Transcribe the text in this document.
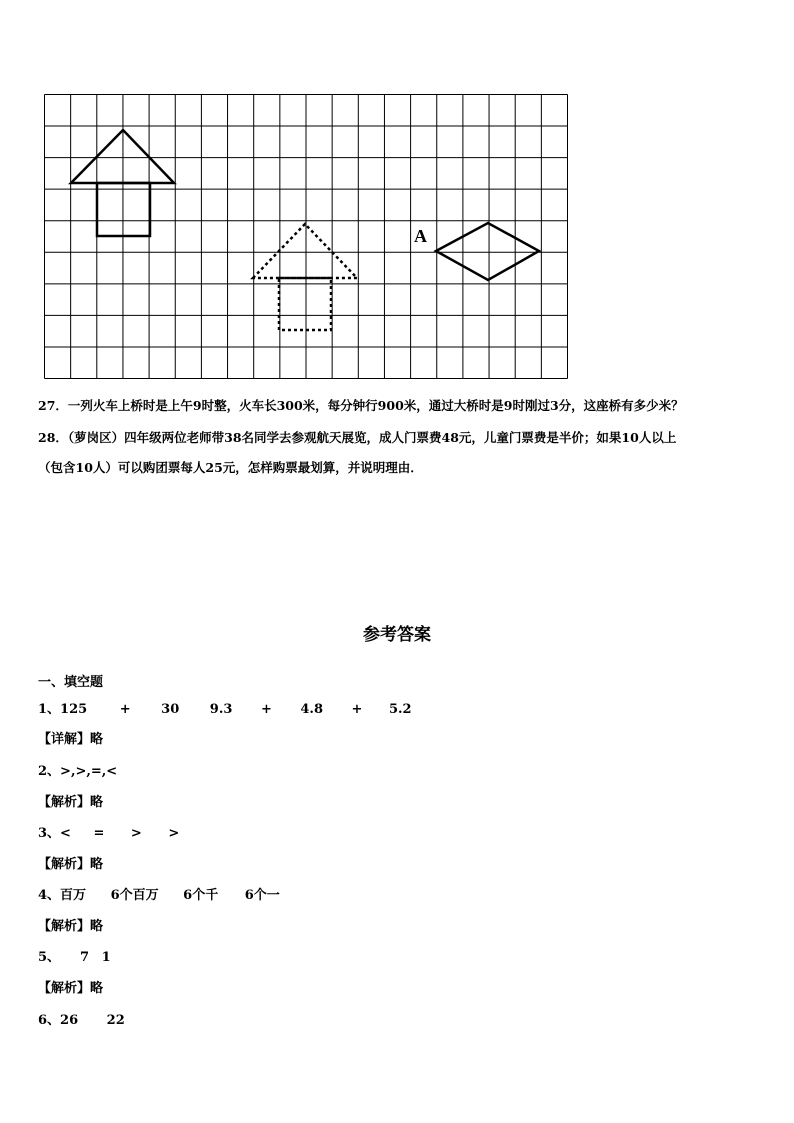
A
27．一列火车上桥时是上午9时整，火车长300米，每分钟行900米，通过大桥时是9时刚过3分，这座桥有多少米？
28．（萝岗区）四年级两位老师带38名同学去参观航天展览，成人门票费48元，儿童门票费是半价；如果10人以上
（包含10人）可以购团票每人25元，怎样购票最划算，并说明理由．
参考答案
一、填空题
1、125	+ 30 9.3 + 4.8 + 5.2
【详解】略
2、>,>,=,<
【解析】略
3、< = > >
【解析】略
4、百万 6个百万 6个千 6个一
【解析】略
5、 7 1
【解析】略
6、26 22
